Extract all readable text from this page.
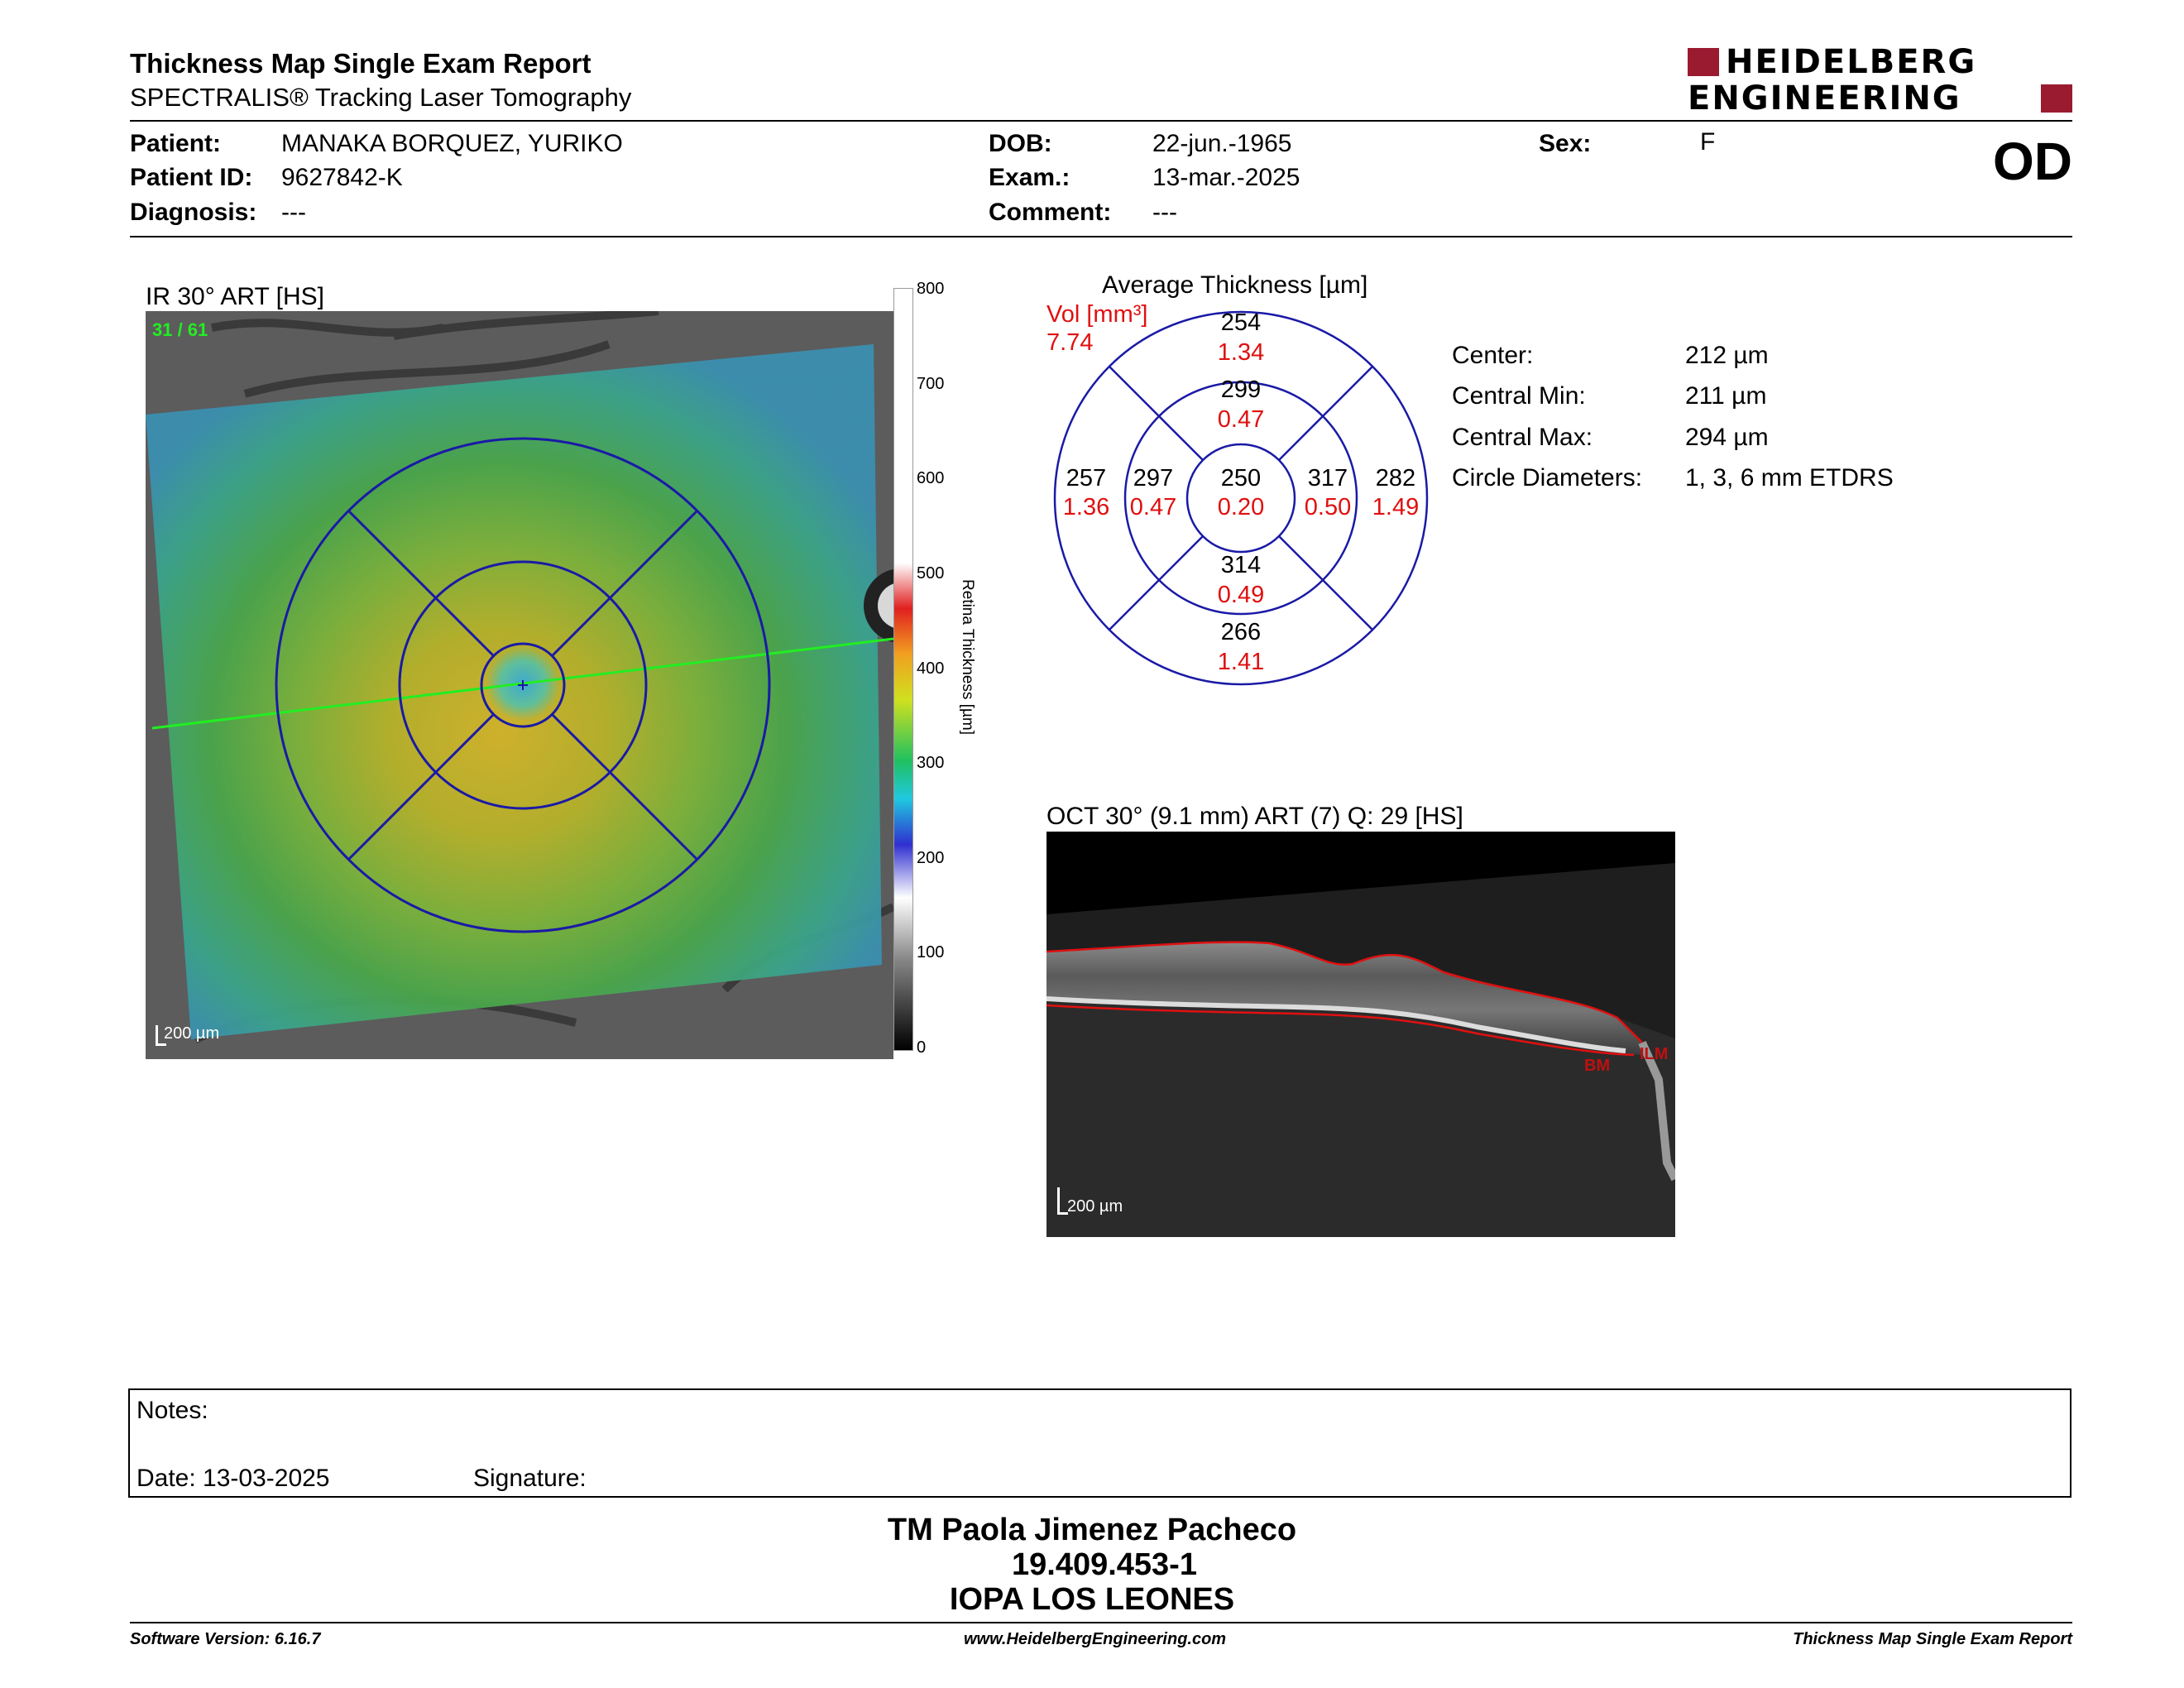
Thickness Map Single Exam Report
SPECTRALIS® Tracking Laser Tomography
HEIDELBERG
ENGINEERING
Patient: MANAKA BORQUEZ, YURIKO
Patient ID: 9627842-K
Diagnosis: ---
DOB:	22-jun.-1965
Exam.:	13-mar.-2025
Comment: ---
Sex:	F	OD
IR 30° ART [HS]
31 / 61
200 µm
800
700
600
500
400
300
200
100
0
Retina Thickness [µm]
Average Thickness [µm]
Vol [mm³]
7.74
254
1.34
299
0.47
257
1.36
297
0.47
250
0.20
317
0.50
282
1.49
314
0.49
266
1.41
Center:	212 µm
Central Min:	211 µm
Central Max:	294 µm
Circle Diameters: 1, 3, 6 mm ETDRS
OCT 30° (9.1 mm) ART (7) Q: 29 [HS]
BM
ILM
200 µm
Notes:
Date: 13-03-2025	Signature:
TM Paola Jimenez Pacheco
19.409.453-1
IOPA LOS LEONES
Software Version: 6.16.7	www.HeidelbergEngineering.com	Thickness Map Single Exam Report
